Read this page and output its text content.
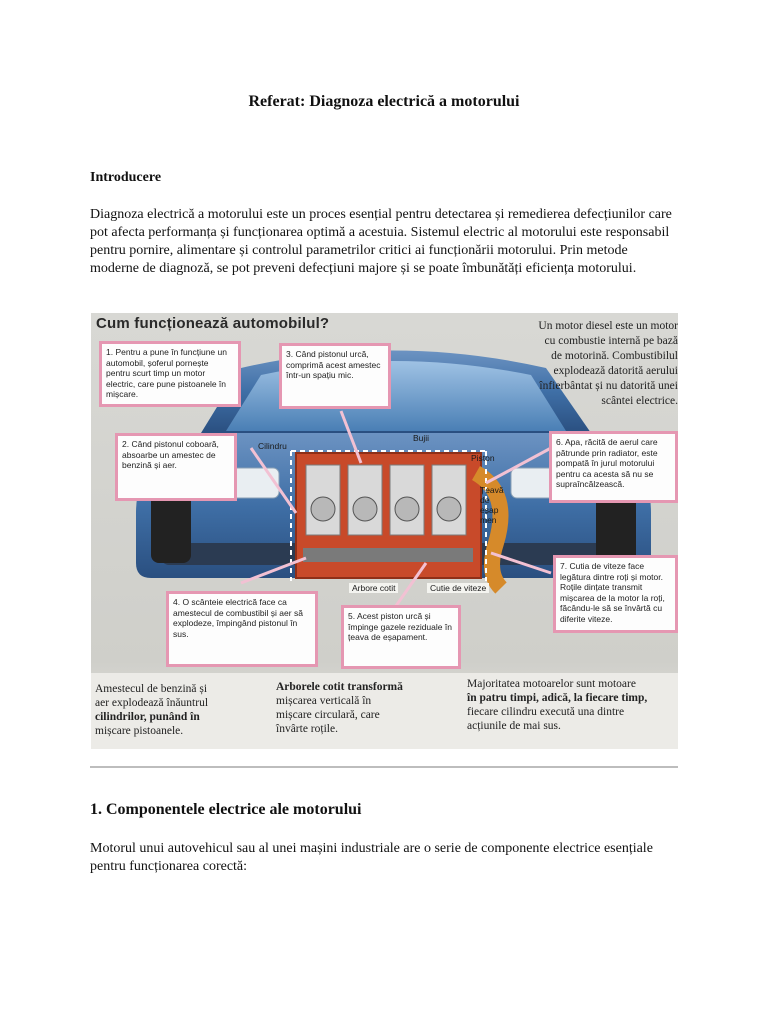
Referat: Diagnoza electrică a motorului
Introducere
Diagnoza electrică a motorului este un proces esențial pentru detectarea și remedierea defecțiunilor care pot afecta performanța și funcționarea optimă a acestuia. Sistemul electric al motorului este responsabil pentru pornire, alimentare și controlul parametrilor critici ai funcționării motorului. Prin metode moderne de diagnoză, se pot preveni defecțiuni majore și se poate îmbunătăți eficiența motorului.
Cum funcționează automobilul?	Un motor diesel este un motor
cu combustie internă pe bază
de motorină. Combustibilul
explodează datorită aerului
înfierbântat și nu datorită unei
scântei electrice.
1. Pentru a pune în funcțiune un automobil, șoferul pornește pentru scurt timp un motor electric, care pune pistoanele în mișcare.
3. Când pistonul urcă, comprimă acest amestec într-un spațiu mic.
2. Când pistonul coboară, absoarbe un amestec de benzină și aer.
6. Apa, răcită de aerul care pătrunde prin radiator, este pompată în jurul motorului pentru ca acesta să nu se supraîncălzească.
4. O scânteie electrică face ca amestecul de combustibil și aer să explodeze, împingând pistonul în sus.
5. Acest piston urcă și împinge gazele reziduale în țeava de eșapament.
7. Cutia de viteze face legătura dintre roți și motor. Roțile dințate transmit mișcarea de la motor la roți, făcându-le să se învârtă cu diferite viteze.
Cilindru
Bujii
Piston
Țeavă
de
eșap
men
Arbore cotit	Cutie de viteze
Amestecul de benzină și
aer explodează înăuntrul
cilindrilor, punând în
mișcare pistoanele.
Arborele cotit transformă
mișcarea verticală în
mișcare circulară, care
învârte roțile.
Majoritatea motoarelor sunt motoare
în patru timpi, adică, la fiecare timp,
fiecare cilindru execută una dintre
acțiunile de mai sus.
1. Componentele electrice ale motorului
Motorul unui autovehicul sau al unei mașini industriale are o serie de componente electrice esențiale pentru funcționarea corectă:
